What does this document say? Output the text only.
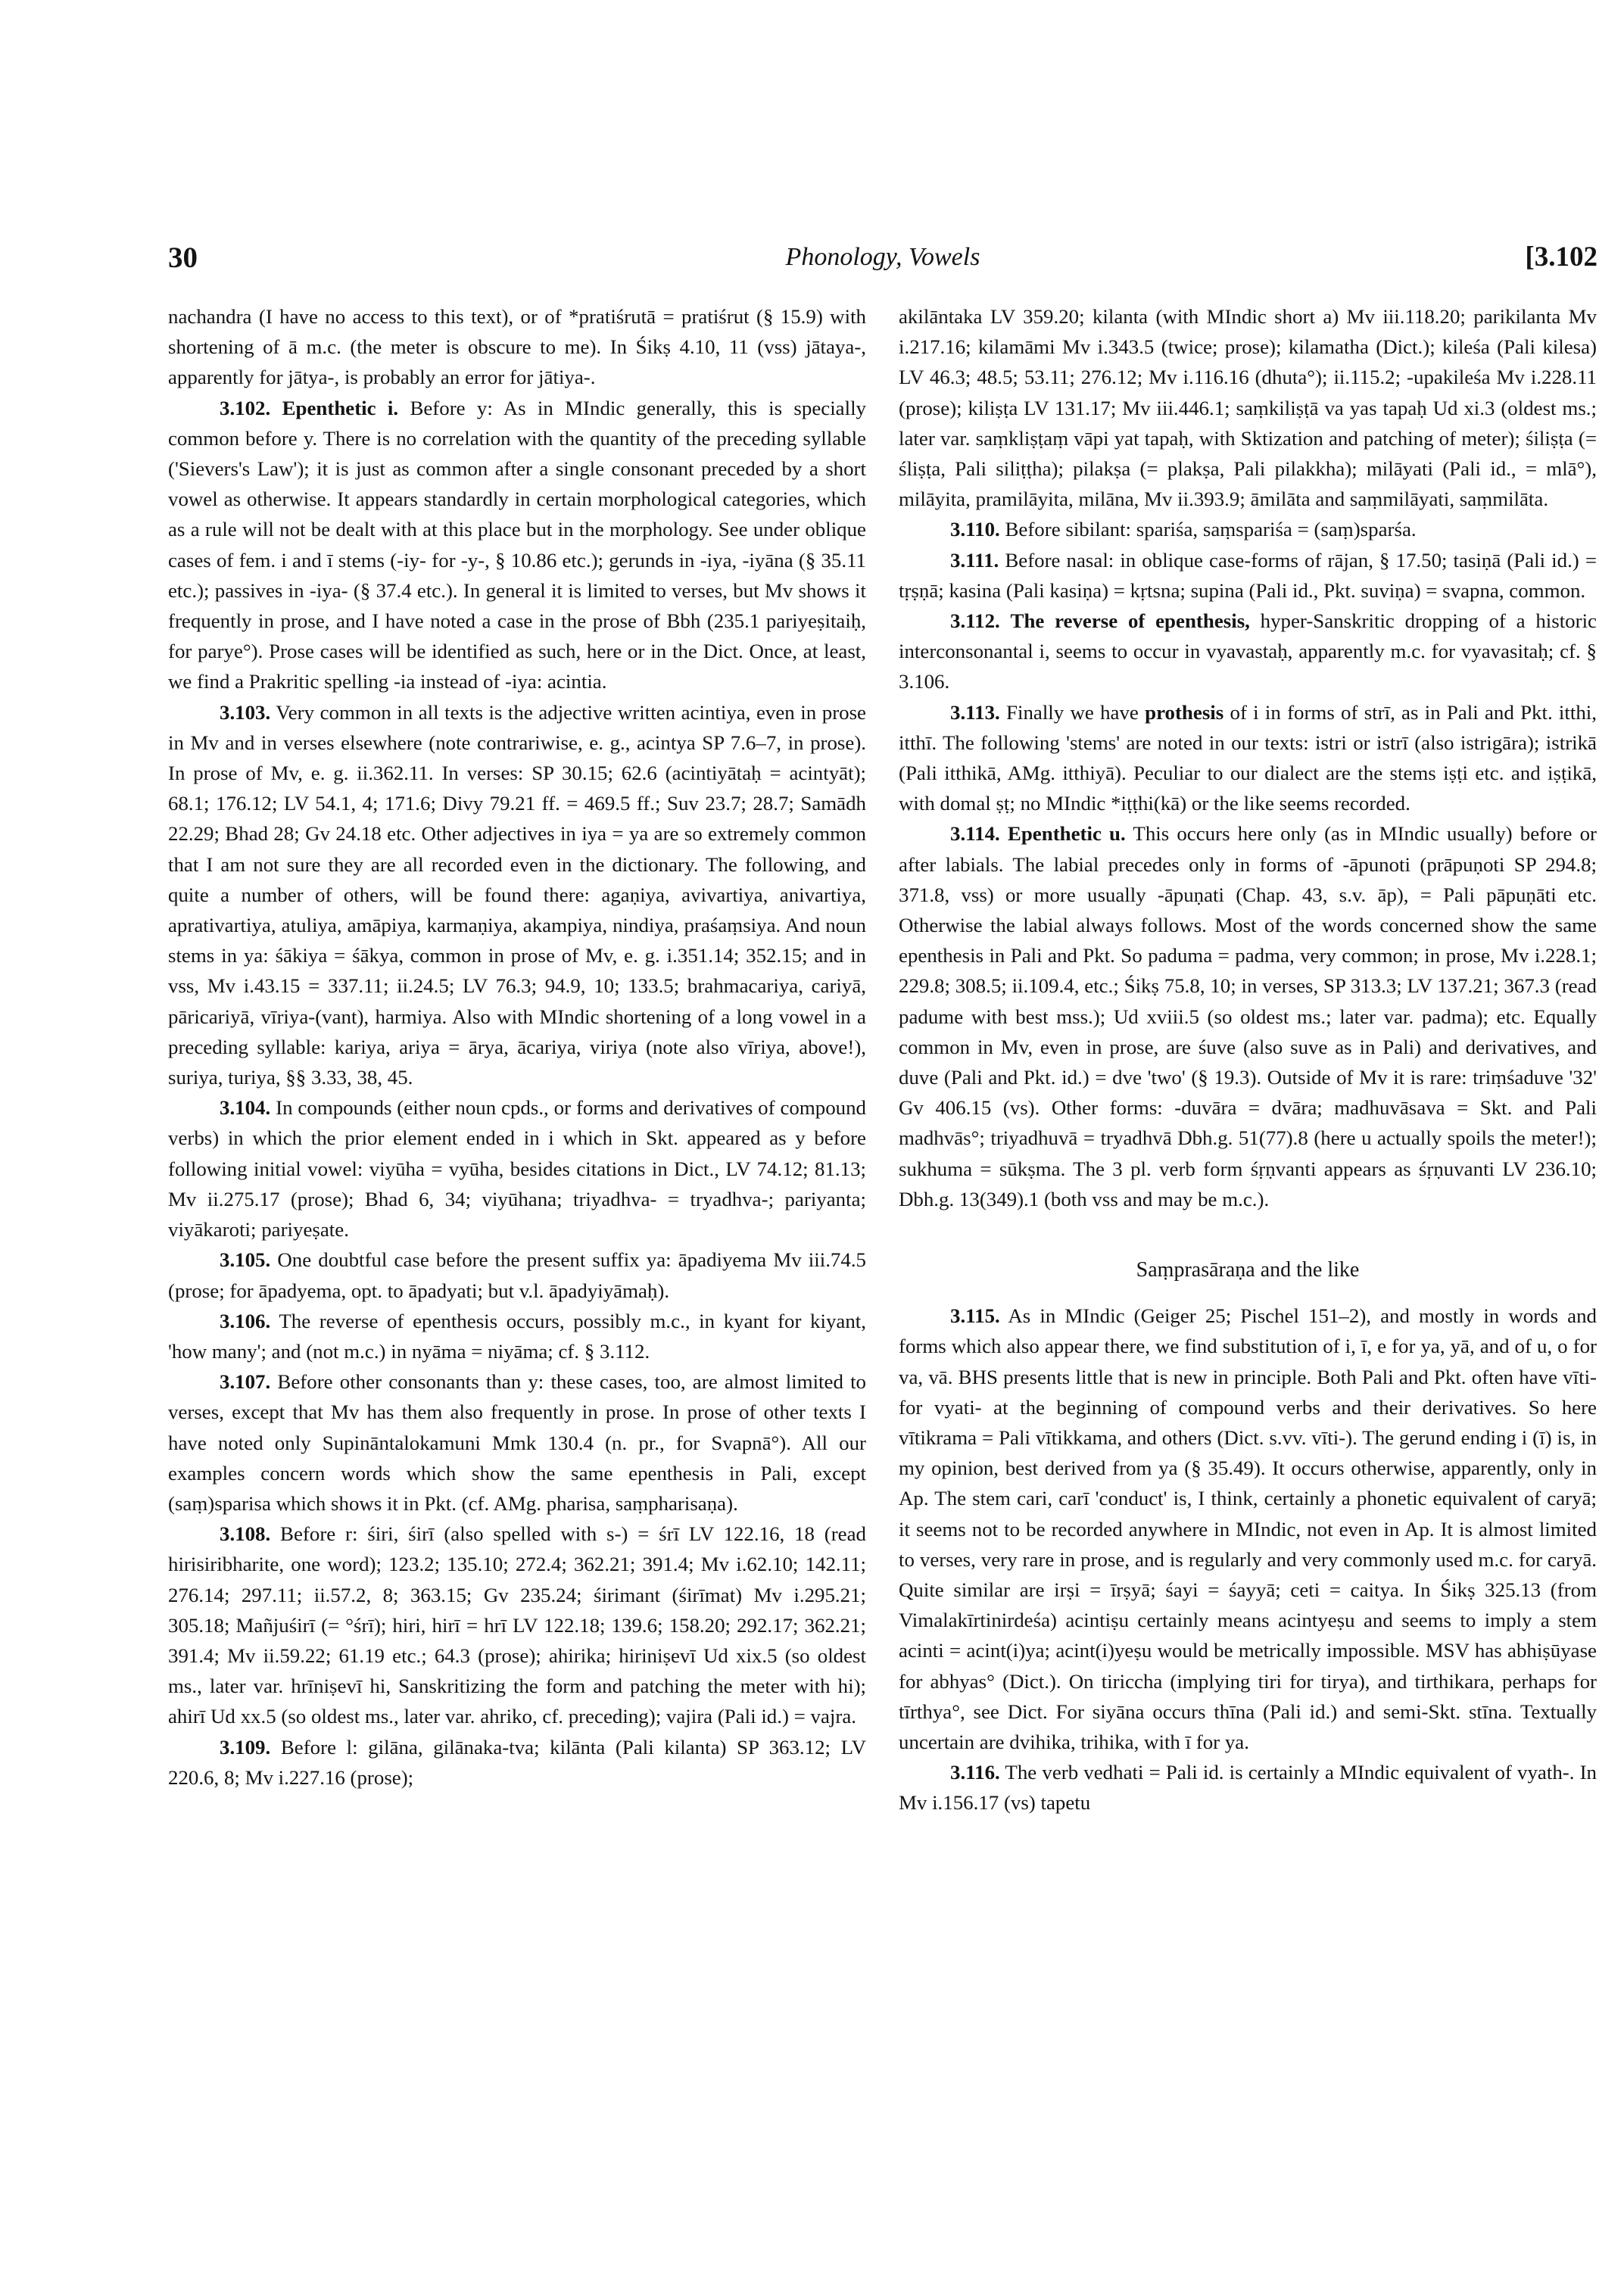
30	Phonology, Vowels	[3.102

nachandra (I have no access to this text), or of *pratiśrutā = pratiśrut (§ 15.9) with shortening of ā m.c. (the meter is obscure to me). In Śikṣ 4.10, 11 (vss) jātaya-, apparently for jātya-, is probably an error for jātiya-.

3.102. Epenthetic i. Before y: As in MIndic generally, this is specially common before y. There is no correlation with the quantity of the preceding syllable ('Sievers's Law'); it is just as common after a single consonant preceded by a short vowel as otherwise. It appears standardly in certain morphological categories, which as a rule will not be dealt with at this place but in the morphology. See under oblique cases of fem. i and ī stems (-iy- for -y-, § 10.86 etc.); gerunds in -iya, -iyāna (§ 35.11 etc.); passives in -iya- (§ 37.4 etc.). In general it is limited to verses, but Mv shows it frequently in prose, and I have noted a case in the prose of Bbh (235.1 pariyeṣitaiḥ, for parye°). Prose cases will be identified as such, here or in the Dict. Once, at least, we find a Prakritic spelling -ia instead of -iya: acintia.

3.103. Very common in all texts is the adjective written acintiya, even in prose in Mv and in verses elsewhere (note contrariwise, e. g., acintya SP 7.6–7, in prose). In prose of Mv, e. g. ii.362.11. In verses: SP 30.15; 62.6 (acintiyātaḥ = acintyāt); 68.1; 176.12; LV 54.1, 4; 171.6; Divy 79.21 ff. = 469.5 ff.; Suv 23.7; 28.7; Samādh 22.29; Bhad 28; Gv 24.18 etc. Other adjectives in iya = ya are so extremely common that I am not sure they are all recorded even in the dictionary. The following, and quite a number of others, will be found there: agaṇiya, avivartiya, anivartiya, aprativartiya, atuliya, amāpiya, karmaṇiya, akampiya, nindiya, praśaṃsiya. And noun stems in ya: śākiya = śākya, common in prose of Mv, e. g. i.351.14; 352.15; and in vss, Mv i.43.15 = 337.11; ii.24.5; LV 76.3; 94.9, 10; 133.5; brahmacariya, cariyā, pāricariyā, vīriya-(vant), harmiya. Also with MIndic shortening of a long vowel in a preceding syllable: kariya, ariya = ārya, ācariya, viriya (note also vīriya, above!), suriya, turiya, §§ 3.33, 38, 45.

3.104. In compounds (either noun cpds., or forms and derivatives of compound verbs) in which the prior element ended in i which in Skt. appeared as y before following initial vowel: viyūha = vyūha, besides citations in Dict., LV 74.12; 81.13; Mv ii.275.17 (prose); Bhad 6, 34; viyūhana; triyadhva- = tryadhva-; pariyanta; viyākaroti; pariyeṣate.

3.105. One doubtful case before the present suffix ya: āpadiyema Mv iii.74.5 (prose; for āpadyema, opt. to āpadyati; but v.l. āpadyiyāmaḥ).

3.106. The reverse of epenthesis occurs, possibly m.c., in kyant for kiyant, 'how many'; and (not m.c.) in nyāma = niyāma; cf. § 3.112.

3.107. Before other consonants than y: these cases, too, are almost limited to verses, except that Mv has them also frequently in prose. In prose of other texts I have noted only Supināntalokamuni Mmk 130.4 (n. pr., for Svapnā°). All our examples concern words which show the same epenthesis in Pali, except (saṃ)sparisa which shows it in Pkt. (cf. AMg. pharisa, saṃpharisaṇa).

3.108. Before r: śiri, śirī (also spelled with s-) = śrī LV 122.16, 18 (read hirisiribharite, one word); 123.2; 135.10; 272.4; 362.21; 391.4; Mv i.62.10; 142.11; 276.14; 297.11; ii.57.2, 8; 363.15; Gv 235.24; śirimant (śirīmat) Mv i.295.21; 305.18; Mañjuśirī (= °śrī); hiri, hirī = hrī LV 122.18; 139.6; 158.20; 292.17; 362.21; 391.4; Mv ii.59.22; 61.19 etc.; 64.3 (prose); ahirika; hiriniṣevī Ud xix.5 (so oldest ms., later var. hrīniṣevī hi, Sanskritizing the form and patching the meter with hi); ahirī Ud xx.5 (so oldest ms., later var. ahriko, cf. preceding); vajira (Pali id.) = vajra.

3.109. Before l: gilāna, gilānaka-tva; kilānta (Pali kilanta) SP 363.12; LV 220.6, 8; Mv i.227.16 (prose);

akilāntaka LV 359.20; kilanta (with MIndic short a) Mv iii.118.20; parikilanta Mv i.217.16; kilamāmi Mv i.343.5 (twice; prose); kilamatha (Dict.); kileśa (Pali kilesa) LV 46.3; 48.5; 53.11; 276.12; Mv i.116.16 (dhuta°); ii.115.2; -upakileśa Mv i.228.11 (prose); kiliṣṭa LV 131.17; Mv iii.446.1; saṃkiliṣṭā va yas tapaḥ Ud xi.3 (oldest ms.; later var. saṃkliṣṭaṃ vāpi yat tapaḥ, with Sktization and patching of meter); śiliṣṭa (= śliṣṭa, Pali siliṭṭha); pilakṣa (= plakṣa, Pali pilakkha); milāyati (Pali id., = mlā°), milāyita, pramilāyita, milāna, Mv ii.393.9; āmilāta and saṃmilāyati, saṃmilāta.

3.110. Before sibilant: spariśa, saṃspariśa = (saṃ)sparśa.

3.111. Before nasal: in oblique case-forms of rājan, § 17.50; tasiṇā (Pali id.) = tṛṣṇā; kasina (Pali kasiṇa) = kṛtsna; supina (Pali id., Pkt. suviṇa) = svapna, common.

3.112. The reverse of epenthesis, hyper-Sanskritic dropping of a historic interconsonantal i, seems to occur in vyavastaḥ, apparently m.c. for vyavasitaḥ; cf. § 3.106.

3.113. Finally we have prothesis of i in forms of strī, as in Pali and Pkt. itthi, itthī. The following 'stems' are noted in our texts: istri or istrī (also istrigāra); istrikā (Pali itthikā, AMg. itthiyā). Peculiar to our dialect are the stems iṣṭi etc. and iṣṭikā, with domal ṣṭ; no MIndic *iṭṭhi(kā) or the like seems recorded.

3.114. Epenthetic u. This occurs here only (as in MIndic usually) before or after labials. The labial precedes only in forms of -āpunoti (prāpuṇoti SP 294.8; 371.8, vss) or more usually -āpuṇati (Chap. 43, s.v. āp), = Pali pāpuṇāti etc. Otherwise the labial always follows. Most of the words concerned show the same epenthesis in Pali and Pkt. So paduma = padma, very common; in prose, Mv i.228.1; 229.8; 308.5; ii.109.4, etc.; Śikṣ 75.8, 10; in verses, SP 313.3; LV 137.21; 367.3 (read padume with best mss.); Ud xviii.5 (so oldest ms.; later var. padma); etc. Equally common in Mv, even in prose, are śuve (also suve as in Pali) and derivatives, and duve (Pali and Pkt. id.) = dve 'two' (§ 19.3). Outside of Mv it is rare: triṃśaduve '32' Gv 406.15 (vs). Other forms: -duvāra = dvāra; madhuvāsava = Skt. and Pali madhvās°; triyadhuvā = tryadhvā Dbh.g. 51(77).8 (here u actually spoils the meter!); sukhuma = sūkṣma. The 3 pl. verb form śṛṇvanti appears as śṛṇuvanti LV 236.10; Dbh.g. 13(349).1 (both vss and may be m.c.).

Saṃprasāraṇa and the like

3.115. As in MIndic (Geiger 25; Pischel 151–2), and mostly in words and forms which also appear there, we find substitution of i, ī, e for ya, yā, and of u, o for va, vā. BHS presents little that is new in principle. Both Pali and Pkt. often have vīti- for vyati- at the beginning of compound verbs and their derivatives. So here vītikrama = Pali vītikkama, and others (Dict. s.vv. vīti-). The gerund ending i (ī) is, in my opinion, best derived from ya (§ 35.49). It occurs otherwise, apparently, only in Ap. The stem cari, carī 'conduct' is, I think, certainly a phonetic equivalent of caryā; it seems not to be recorded anywhere in MIndic, not even in Ap. It is almost limited to verses, very rare in prose, and is regularly and very commonly used m.c. for caryā. Quite similar are irṣi = īrṣyā; śayi = śayyā; ceti = caitya. In Śikṣ 325.13 (from Vimalakīrtinirdeśa) acintiṣu certainly means acintyeṣu and seems to imply a stem acinti = acint(i)ya; acint(i)yeṣu would be metrically impossible. MSV has abhiṣūyase for abhyas° (Dict.). On tiriccha (implying tiri for tirya), and tirthikara, perhaps for tīrthya°, see Dict. For siyāna occurs thīna (Pali id.) and semi-Skt. stīna. Textually uncertain are dvihika, trihika, with ī for ya.

3.116. The verb vedhati = Pali id. is certainly a MIndic equivalent of vyath-. In Mv i.156.17 (vs) tapetu
